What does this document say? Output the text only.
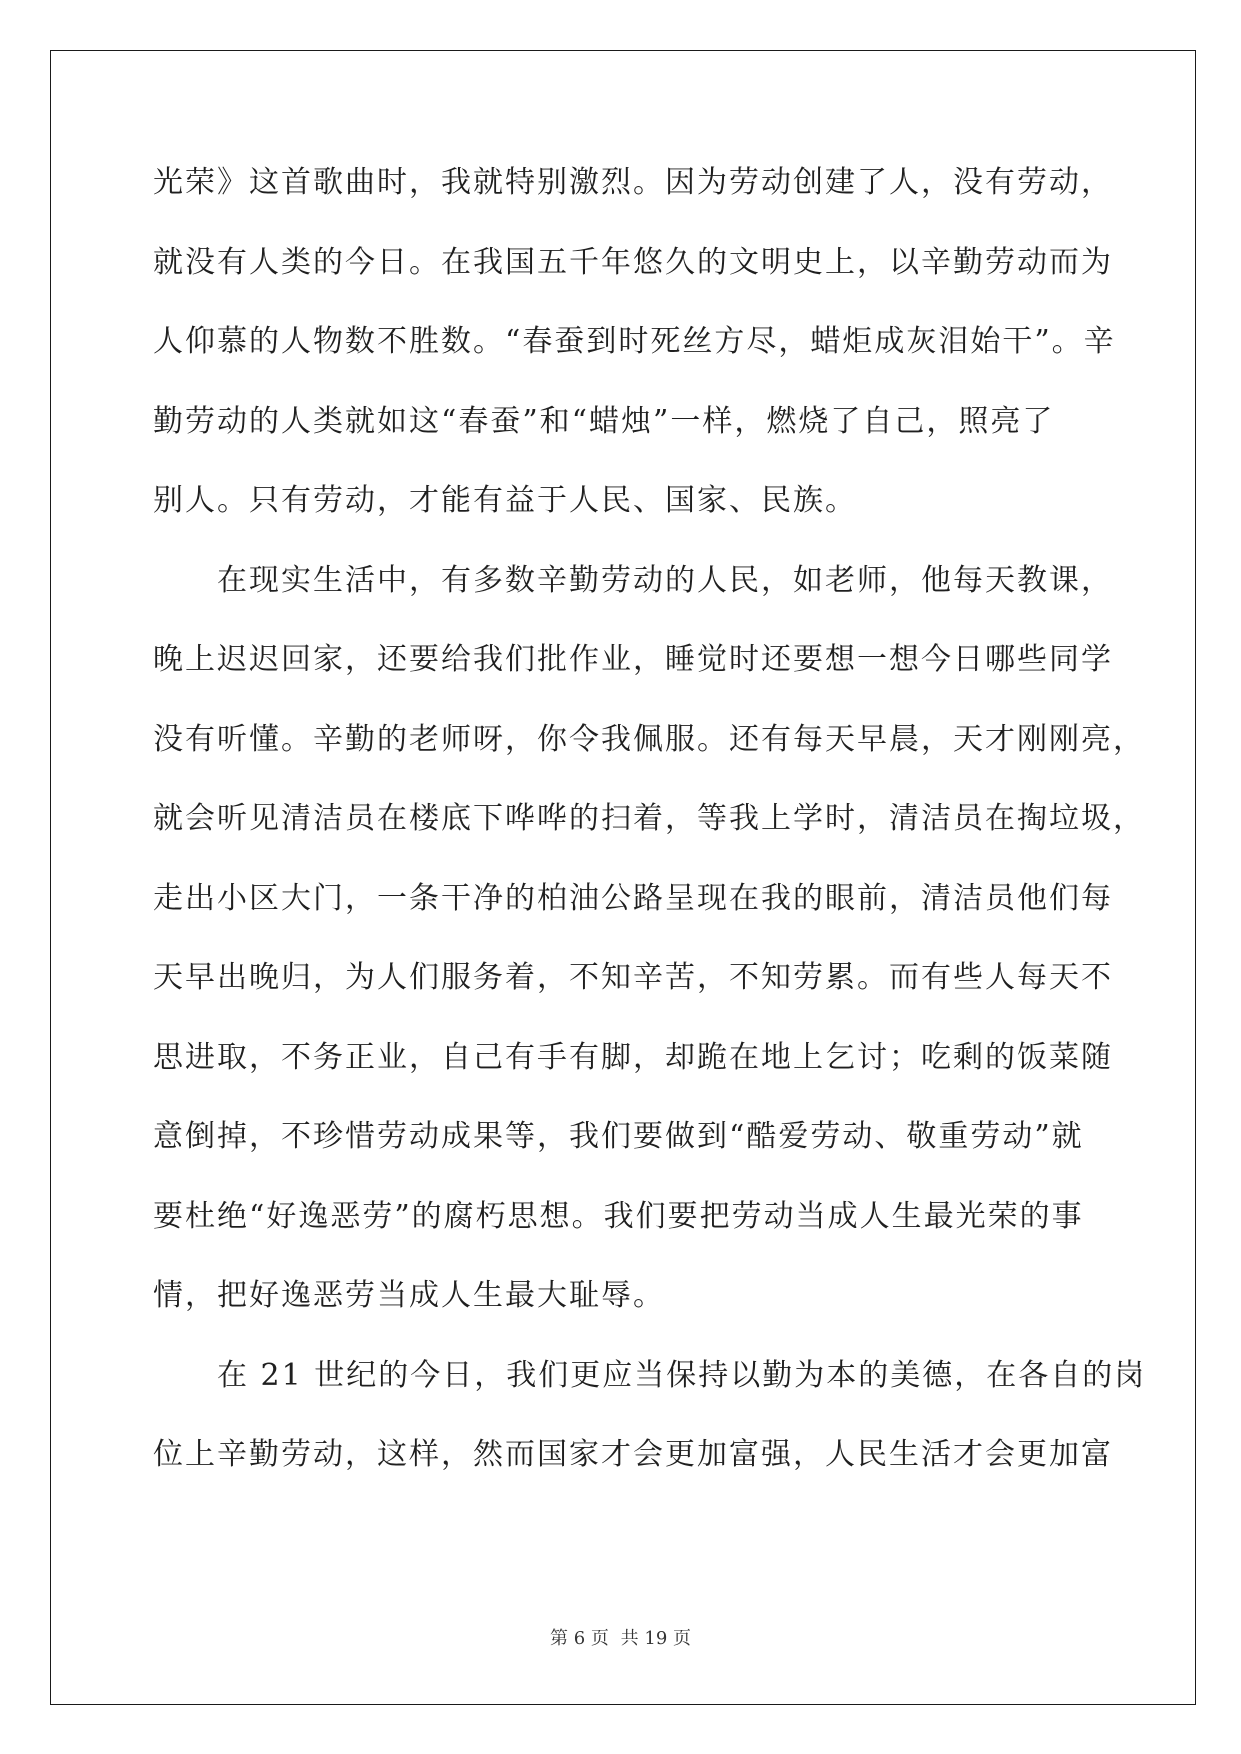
光荣》这首歌曲时，我就特别激烈。因为劳动创建了人，没有劳动，
就没有人类的今日。在我国五千年悠久的文明史上，以辛勤劳动而为
人仰慕的人物数不胜数。“春蚕到时死丝方尽，蜡炬成灰泪始干”。辛
勤劳动的人类就如这“春蚕”和“蜡烛”一样，燃烧了自己，照亮了
别人。只有劳动，才能有益于人民、国家、民族。
　　在现实生活中，有多数辛勤劳动的人民，如老师，他每天教课，
晚上迟迟回家，还要给我们批作业，睡觉时还要想一想今日哪些同学
没有听懂。辛勤的老师呀，你令我佩服。还有每天早晨，天才刚刚亮，
就会听见清洁员在楼底下哗哗的扫着，等我上学时，清洁员在掏垃圾，
走出小区大门，一条干净的柏油公路呈现在我的眼前，清洁员他们每
天早出晚归，为人们服务着，不知辛苦，不知劳累。而有些人每天不
思进取，不务正业，自己有手有脚，却跪在地上乞讨；吃剩的饭菜随
意倒掉，不珍惜劳动成果等，我们要做到“酷爱劳动、敬重劳动”就
要杜绝“好逸恶劳”的腐朽思想。我们要把劳动当成人生最光荣的事
情，把好逸恶劳当成人生最大耻辱。
　　在 21 世纪的今日，我们更应当保持以勤为本的美德，在各自的岗
位上辛勤劳动，这样，然而国家才会更加富强，人民生活才会更加富
第 6 页 共 19 页
